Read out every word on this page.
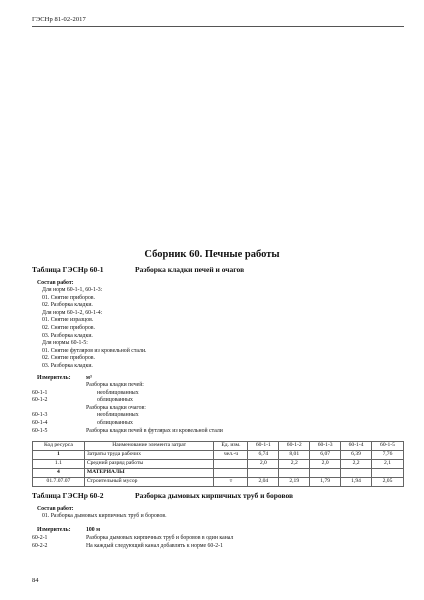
ГЭСНр 81-02-2017
Сборник 60. Печные работы
Таблица ГЭСНр 60-1	Разборка кладки печей и очагов
Состав работ:
Для норм 60-1-1, 60-1-3:
01. Снятие приборов.
02. Разборка кладки.
Для норм 60-1-2, 60-1-4:
01. Снятие изразцов.
02. Снятие приборов.
03. Разборка кладки.
Для нормы 60-1-5:
01. Снятие футляров из кровельной стали.
02. Снятие приборов.
03. Разборка кладки.
Измеритель:	м³
Разборка кладки печей:
60-1-1	необлицованных
60-1-2	облицованных
Разборка кладки очагов:
60-1-3	необлицованных
60-1-4	облицованных
60-1-5	Разборка кладки печей в футлярах из кровельной стали
Код ресурса	Наименование элемента затрат	Ед. изм.	60-1-1	60-1-2	60-1-3	60-1-4	60-1-5
1	Затраты труда рабочих	чел.-ч	6,74	8,01	6,07	6,39	7,76
1.1	Средний разряд работы		2,0	2,2	2,0	2,2	2,1
4	МАТЕРИАЛЫ						
01.7.07.07	Строительный мусор	т	2,04	2,19	1,79	1,94	2,05
Таблица ГЭСНр 60-2	Разборка дымовых кирпичных труб и боровов
Состав работ:
01. Разборка дымовых кирпичных труб и боровов.
Измеритель:	100 м
60-2-1	Разборка дымовых кирпичных труб и боровов в один канал
60-2-2	На каждый следующий канал добавлять к норме 60-2-1
84
